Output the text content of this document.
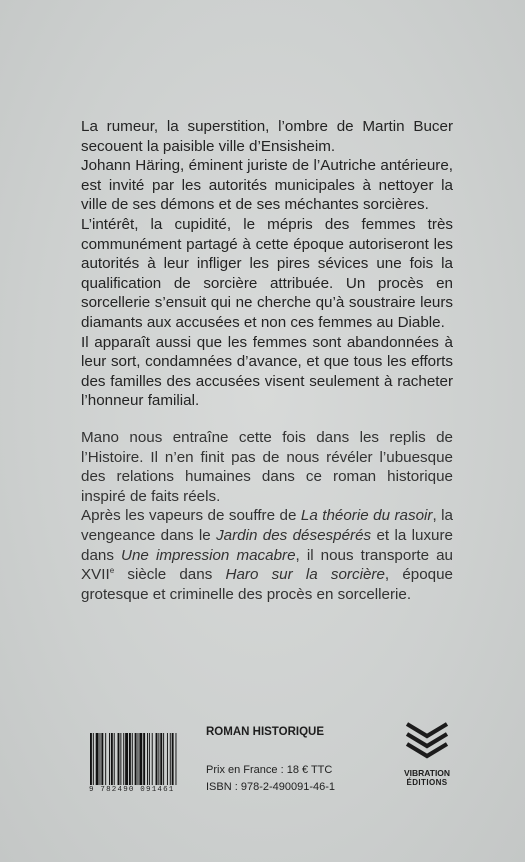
La rumeur, la superstition, l’ombre de Martin Bucer secouent la paisible ville d’Ensisheim.

Johann Häring, éminent juriste de l’Autriche antérieure, est invité par les autorités municipales à nettoyer la ville de ses démons et de ses méchantes sorcières.

L’intérêt, la cupidité, le mépris des femmes très communément partagé à cette époque autoriseront les autorités à leur infliger les pires sévices une fois la qualification de sorcière attribuée. Un procès en sorcellerie s’ensuit qui ne cherche qu’à soustraire leurs diamants aux accusées et non ces femmes au Diable.

Il apparaît aussi que les femmes sont abandonnées à leur sort, condamnées d’avance, et que tous les efforts des familles des accusées visent seulement à racheter l’honneur familial.

Mano nous entraîne cette fois dans les replis de l’Histoire. Il n’en finit pas de nous révéler l’ubuesque des relations humaines dans ce roman historique inspiré de faits réels.

Après les vapeurs de souffre de La théorie du rasoir, la vengeance dans le Jardin des désespérés et la luxure dans Une impression macabre, il nous transporte au XVIIe siècle dans Haro sur la sorcière, époque grotesque et criminelle des procès en sorcellerie.

9 782490 091461
ROMAN HISTORIQUE
Prix en France : 18 € TTC
ISBN : 978-2-490091-46-1
VIBRATION
ÉDITIONS
